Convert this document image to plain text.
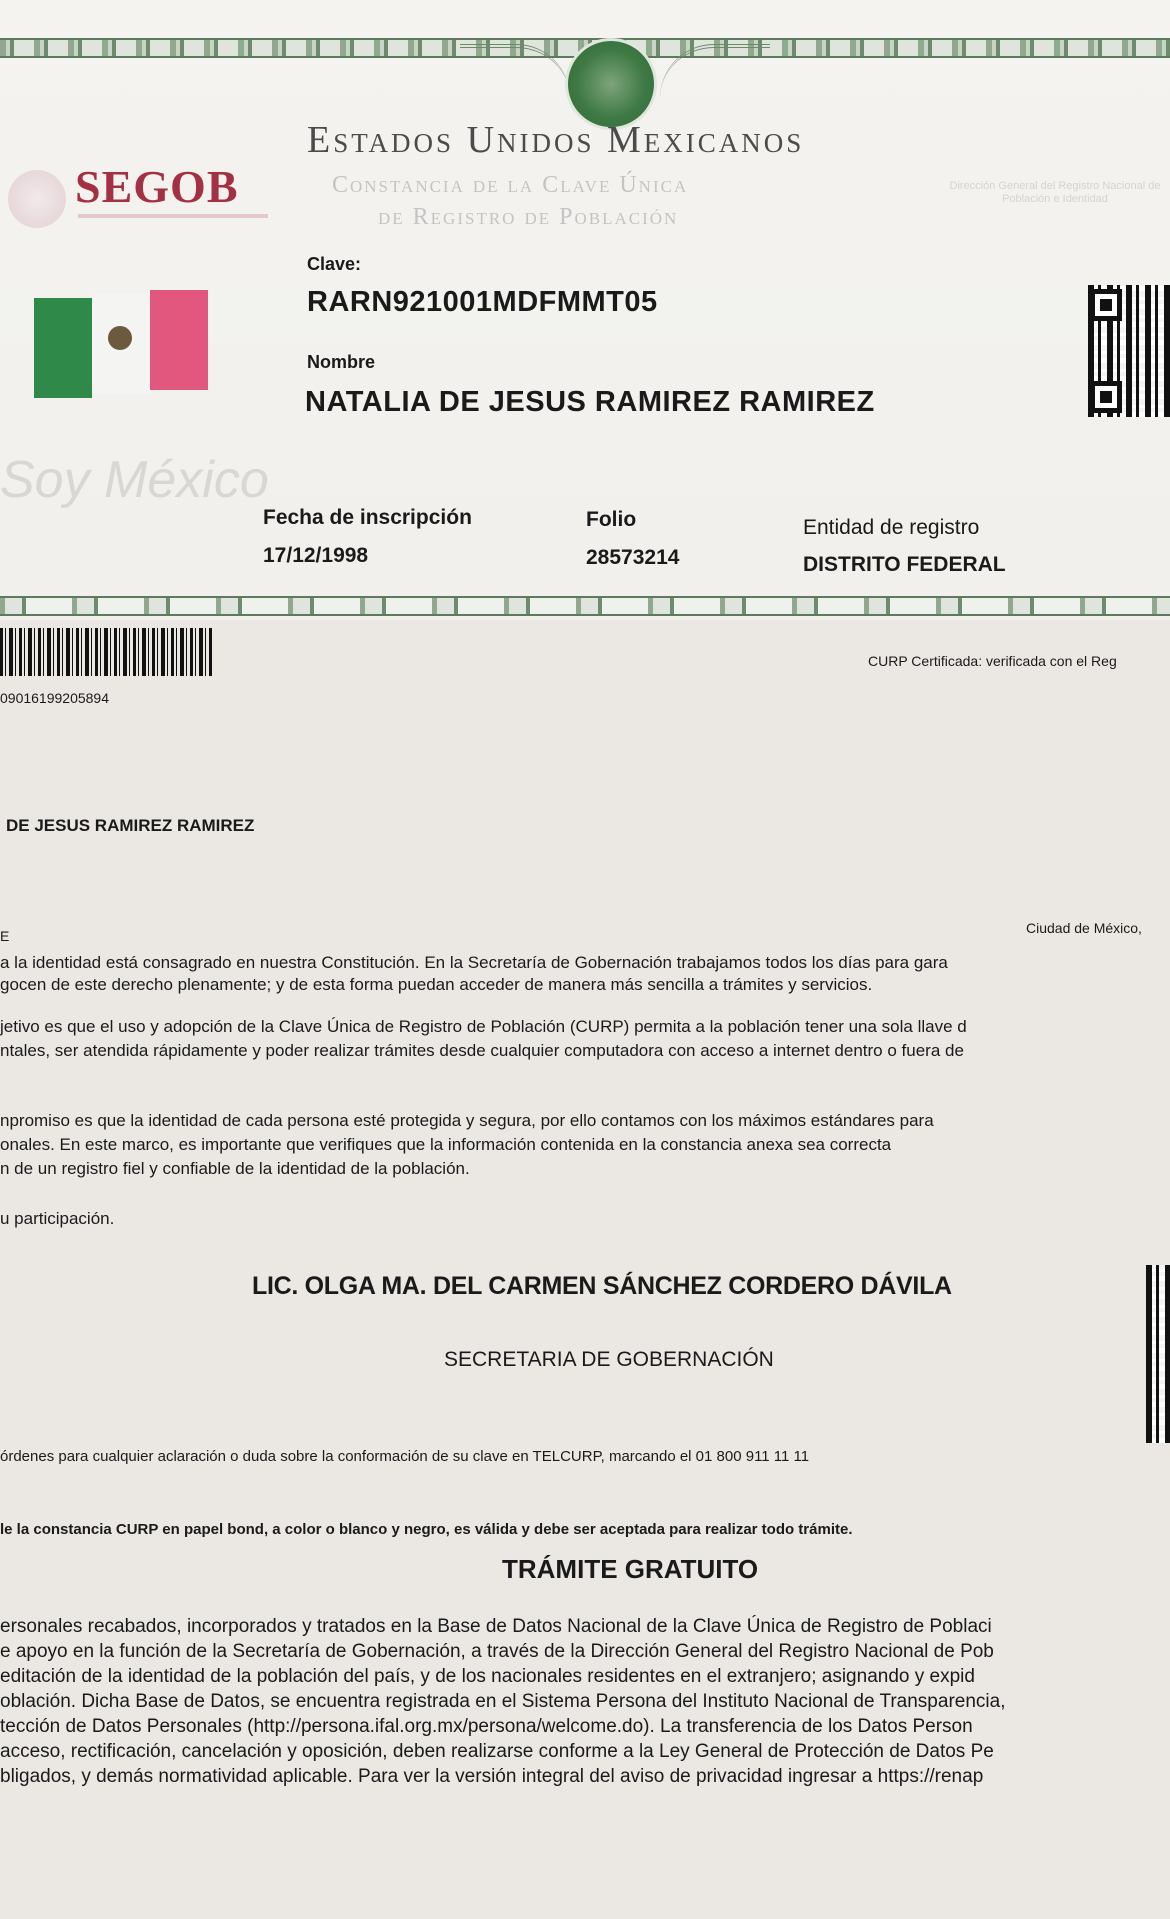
Estados Unidos Mexicanos
Constancia de la Clave Única
de Registro de Población
SEGOB	Dirección General del Registro Nacional de Población e Identidad
Soy México
Clave:
RARN921001MDFMMT05
Nombre
NATALIA DE JESUS RAMIREZ RAMIREZ
Fecha de inscripción
17/12/1998
Folio
28573214
Entidad de registro
DISTRITO FEDERAL
09016199205894
CURP Certificada: verificada con el Reg
DE JESUS RAMIREZ RAMIREZ
E	Ciudad de México,
a la identidad está consagrado en nuestra Constitución. En la Secretaría de Gobernación trabajamos todos los días para gara
gocen de este derecho plenamente; y de esta forma puedan acceder de manera más sencilla a trámites y servicios.
jetivo es que el uso y adopción de la Clave Única de Registro de Población (CURP) permita a la población tener una sola llave d
ntales, ser atendida rápidamente y poder realizar trámites desde cualquier computadora con acceso a internet dentro o fuera de
npromiso es que la identidad de cada persona esté protegida y segura, por ello contamos con los máximos estándares para
onales. En este marco, es importante que verifiques que la información contenida en la constancia anexa sea correcta
n de un registro fiel y confiable de la identidad de la población.
u participación.
LIC. OLGA MA. DEL CARMEN SÁNCHEZ CORDERO DÁVILA
SECRETARIA DE GOBERNACIÓN
órdenes para cualquier aclaración o duda sobre la conformación de su clave en TELCURP, marcando el 01 800 911 11 11
le la constancia CURP en papel bond, a color o blanco y negro, es válida y debe ser aceptada para realizar todo trámite.
TRÁMITE GRATUITO
ersonales recabados, incorporados y tratados en la Base de Datos Nacional de la Clave Única de Registro de Poblaci
e apoyo en la función de la Secretaría de Gobernación, a través de la Dirección General del Registro Nacional de Pob
editación de la identidad de la población del país, y de los nacionales residentes en el extranjero; asignando y expid
oblación. Dicha Base de Datos, se encuentra registrada en el Sistema Persona del Instituto Nacional de Transparencia,
tección de Datos Personales (http://persona.ifal.org.mx/persona/welcome.do). La transferencia de los Datos Person
acceso, rectificación, cancelación y oposición, deben realizarse conforme a la Ley General de Protección de Datos Pe
bligados, y demás normatividad aplicable. Para ver la versión integral del aviso de privacidad ingresar a https://renap
